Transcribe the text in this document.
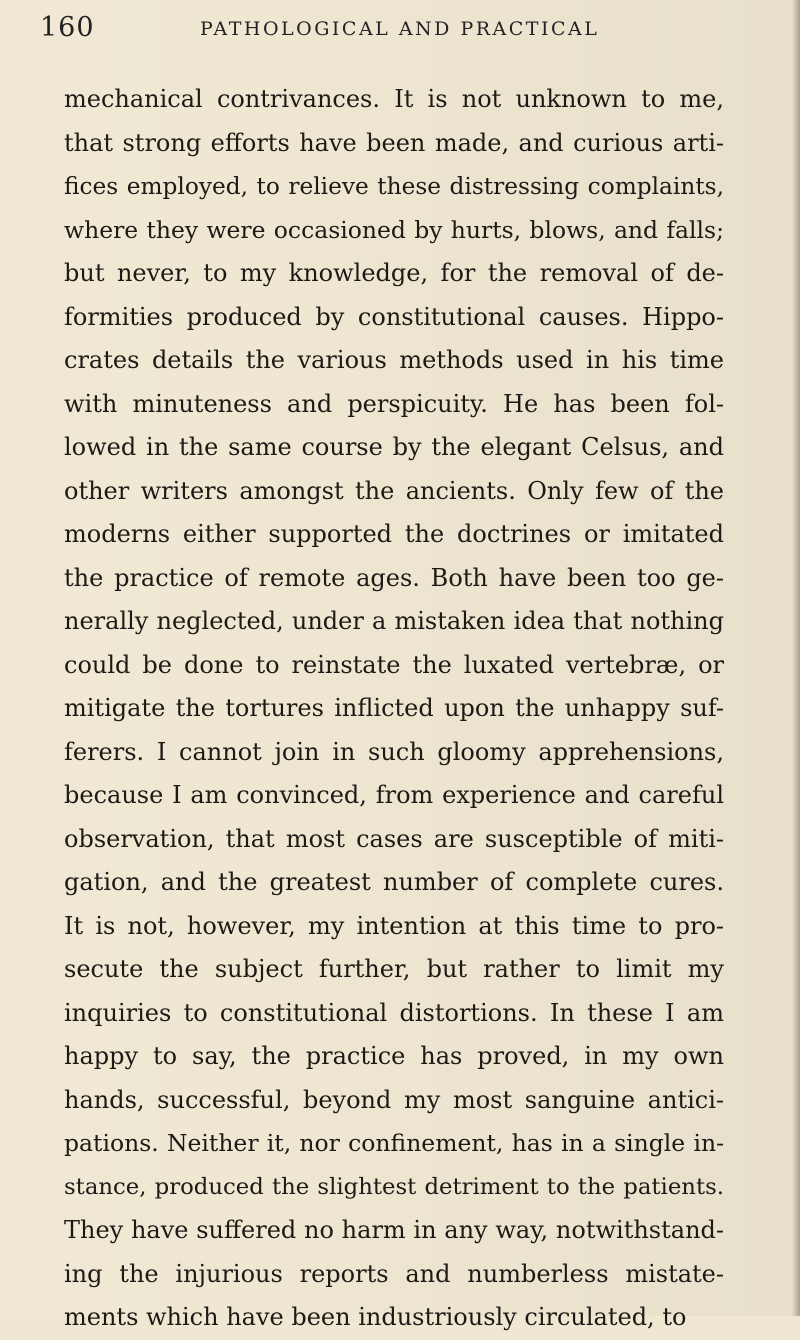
160	PATHOLOGICAL AND PRACTICAL
mechanical contrivances. It is not unknown to me,
that strong efforts have been made, and curious arti-
fices employed, to relieve these distressing complaints,
where they were occasioned by hurts, blows, and falls;
but never, to my knowledge, for the removal of de-
formities produced by constitutional causes. Hippo-
crates details the various methods used in his time
with minuteness and perspicuity. He has been fol-
lowed in the same course by the elegant Celsus, and
other writers amongst the ancients. Only few of the
moderns either supported the doctrines or imitated
the practice of remote ages. Both have been too ge-
nerally neglected, under a mistaken idea that nothing
could be done to reinstate the luxated vertebræ, or
mitigate the tortures inflicted upon the unhappy suf-
ferers. I cannot join in such gloomy apprehensions,
because I am convinced, from experience and careful
observation, that most cases are susceptible of miti-
gation, and the greatest number of complete cures.
It is not, however, my intention at this time to pro-
secute the subject further, but rather to limit my
inquiries to constitutional distortions. In these I am
happy to say, the practice has proved, in my own
hands, successful, beyond my most sanguine antici-
pations. Neither it, nor confinement, has in a single in-
stance, produced the slightest detriment to the patients.
They have suffered no harm in any way, notwithstand-
ing the injurious reports and numberless mistate-
ments which have been industriously circulated, to
